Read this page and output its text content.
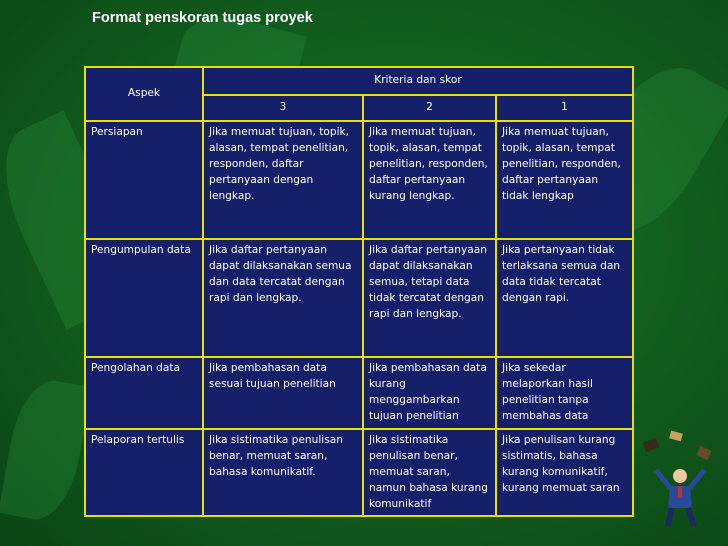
Format penskoran tugas proyek
Aspek	Kriteria dan skor		
	3	2	1
Persiapan	Jika memuat tujuan, topik, alasan, tempat penelitian, responden, daftar pertanyaan dengan lengkap.	Jika memuat tujuan, topik, alasan, tempat penelitian, responden, daftar pertanyaan kurang lengkap.	Jika memuat tujuan, topik, alasan, tempat penelitian, responden, daftar pertanyaan tidak lengkap
Pengumpulan data	Jika daftar pertanyaan dapat dilaksanakan semua dan data tercatat dengan rapi dan lengkap.	Jika daftar pertanyaan dapat dilaksanakan semua, tetapi data tidak tercatat dengan rapi dan lengkap.	Jika pertanyaan tidak terlaksana semua dan data tidak tercatat dengan rapi.
Pengolahan data	Jika pembahasan data sesuai tujuan penelitian	Jika pembahasan data kurang menggambarkan tujuan penelitian	Jika sekedar melaporkan hasil penelitian tanpa membahas data
Pelaporan tertulis	Jika sistimatika penulisan benar, memuat saran, bahasa komunikatif.	Jika sistimatika penulisan benar, memuat saran, namun bahasa kurang komunikatif	Jika penulisan kurang sistimatis, bahasa kurang komunikatif, kurang memuat saran
